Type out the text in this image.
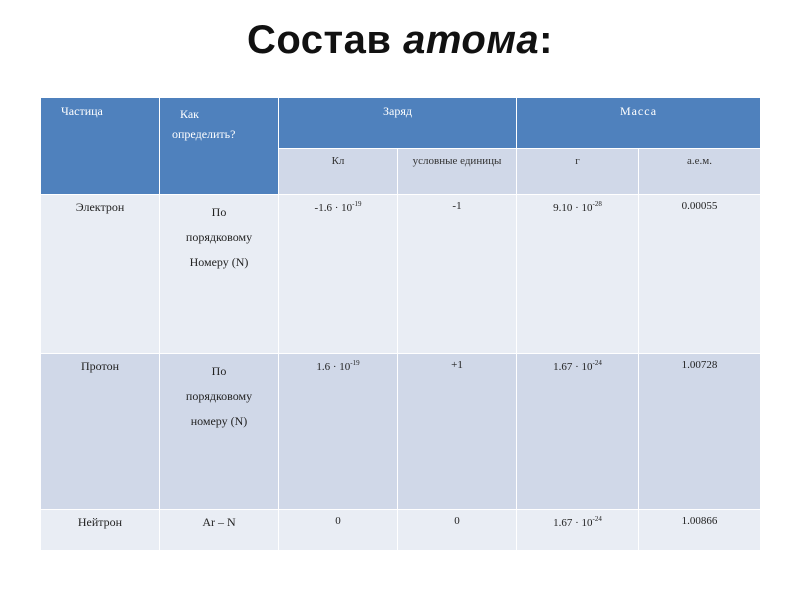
Состав атома:
Частица	Как
определить?	Заряд		Масса	

		Кл	условные единицы	г	а.е.м.

Электрон	По
порядковому
Номеру (N)	$-1.6 \cdot 10^{-19}$	-1	$9.10 \cdot 10^{-28}$	0.00055

Протон	По
порядковому
номеру (N)	$1.6 \cdot 10^{-19}$	+1	$1.67 \cdot 10^{-24}$	1.00728

Нейтрон	Ar – N	0	0	$1.67 \cdot 10^{-24}$	1.00866
